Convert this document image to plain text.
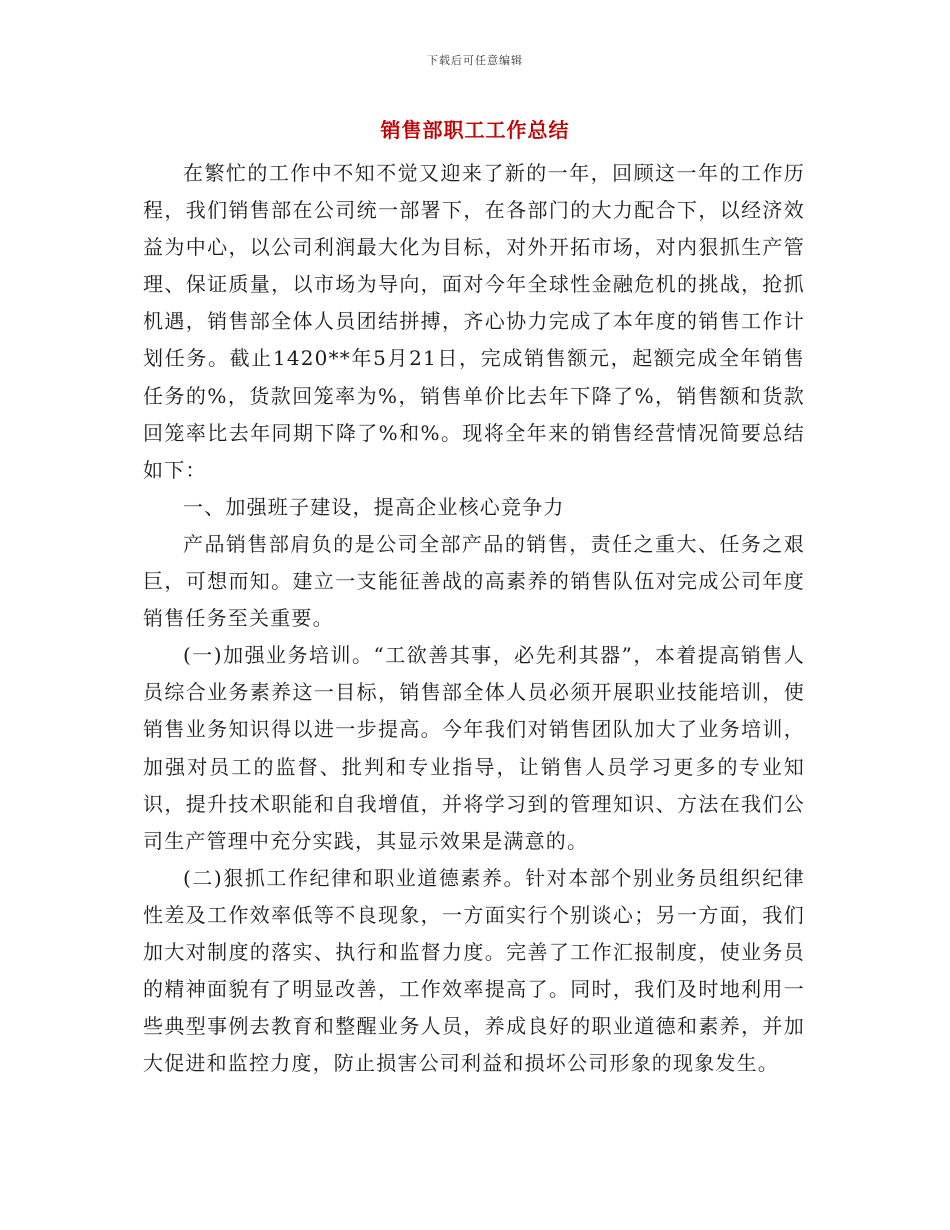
下载后可任意编辑
销售部职工工作总结

在繁忙的工作中不知不觉又迎来了新的一年，回顾这一年的工作历程，我们销售部在公司统一部署下，在各部门的大力配合下，以经济效益为中心，以公司利润最大化为目标，对外开拓市场，对内狠抓生产管理、保证质量，以市场为导向，面对今年全球性金融危机的挑战，抢抓机遇，销售部全体人员团结拼搏，齐心协力完成了本年度的销售工作计划任务。截止1420**年5月21日，完成销售额元，起额完成全年销售任务的%，货款回笼率为%，销售单价比去年下降了%，销售额和货款回笼率比去年同期下降了%和%。现将全年来的销售经营情况简要总结如下：

一、加强班子建设，提高企业核心竞争力

产品销售部肩负的是公司全部产品的销售，责任之重大、任务之艰巨，可想而知。建立一支能征善战的高素养的销售队伍对完成公司年度销售任务至关重要。

(一)加强业务培训。“工欲善其事，必先利其器”，本着提高销售人员综合业务素养这一目标，销售部全体人员必须开展职业技能培训，使销售业务知识得以进一步提高。今年我们对销售团队加大了业务培训，加强对员工的监督、批判和专业指导，让销售人员学习更多的专业知识，提升技术职能和自我增值，并将学习到的管理知识、方法在我们公司生产管理中充分实践，其显示效果是满意的。

(二)狠抓工作纪律和职业道德素养。针对本部个别业务员组织纪律性差及工作效率低等不良现象，一方面实行个别谈心；另一方面，我们加大对制度的落实、执行和监督力度。完善了工作汇报制度，使业务员的精神面貌有了明显改善，工作效率提高了。同时，我们及时地利用一些典型事例去教育和整醒业务人员，养成良好的职业道德和素养，并加大促进和监控力度，防止损害公司利益和损坏公司形象的现象发生。
